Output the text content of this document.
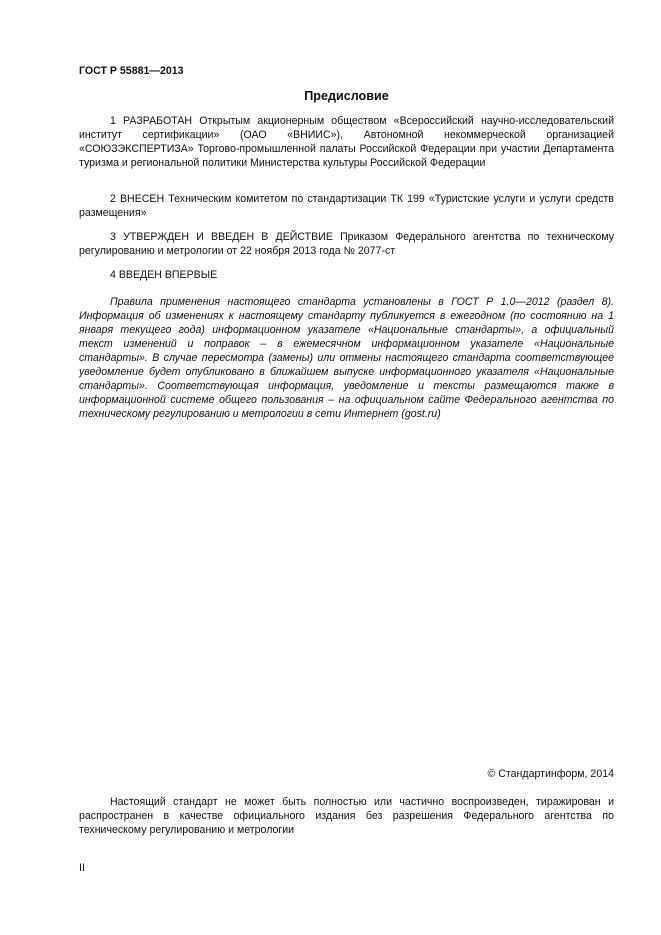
ГОСТ Р 55881—2013
Предисловие

1 РАЗРАБОТАН Открытым акционерным обществом «Всероссийский научно-исследовательский институт сертификации» (ОАО «ВНИИС»), Автономной некоммерческой организацией «СОЮЗЭКСПЕРТИЗА» Торгово-промышленной палаты Российской Федерации при участии Департамента туризма и региональной политики Министерства культуры Российской Федерации

2 ВНЕСЕН Техническим комитетом по стандартизации ТК 199 «Туристские услуги и услуги средств размещения»

3 УТВЕРЖДЕН И ВВЕДЕН В ДЕЙСТВИЕ Приказом Федерального агентства по техническому регулированию и метрологии от 22 ноября 2013 года № 2077-ст

4 ВВЕДЕН ВПЕРВЫЕ

Правила применения настоящего стандарта установлены в ГОСТ Р 1.0—2012 (раздел 8). Информация об изменениях к настоящему стандарту публикуется в ежегодном (по состоянию на 1 января текущего года) информационном указателе «Национальные стандарты», а официальный текст изменений и поправок – в ежемесячном информационном указателе «Национальные стандарты». В случае пересмотра (замены) или отмены настоящего стандарта соответствующее уведомление будет опубликовано в ближайшем выпуске информационного указателя «Национальные стандарты». Соответствующая информация, уведомление и тексты размещаются также в информационной системе общего пользования – на официальном сайте Федерального агентства по техническому регулированию и метрологии в сети Интернет (gost.ru)

© Стандартинформ, 2014

Настоящий стандарт не может быть полностью или частично воспроизведен, тиражирован и распространен в качестве официального издания без разрешения Федерального агентства по техническому регулированию и метрологии

II
